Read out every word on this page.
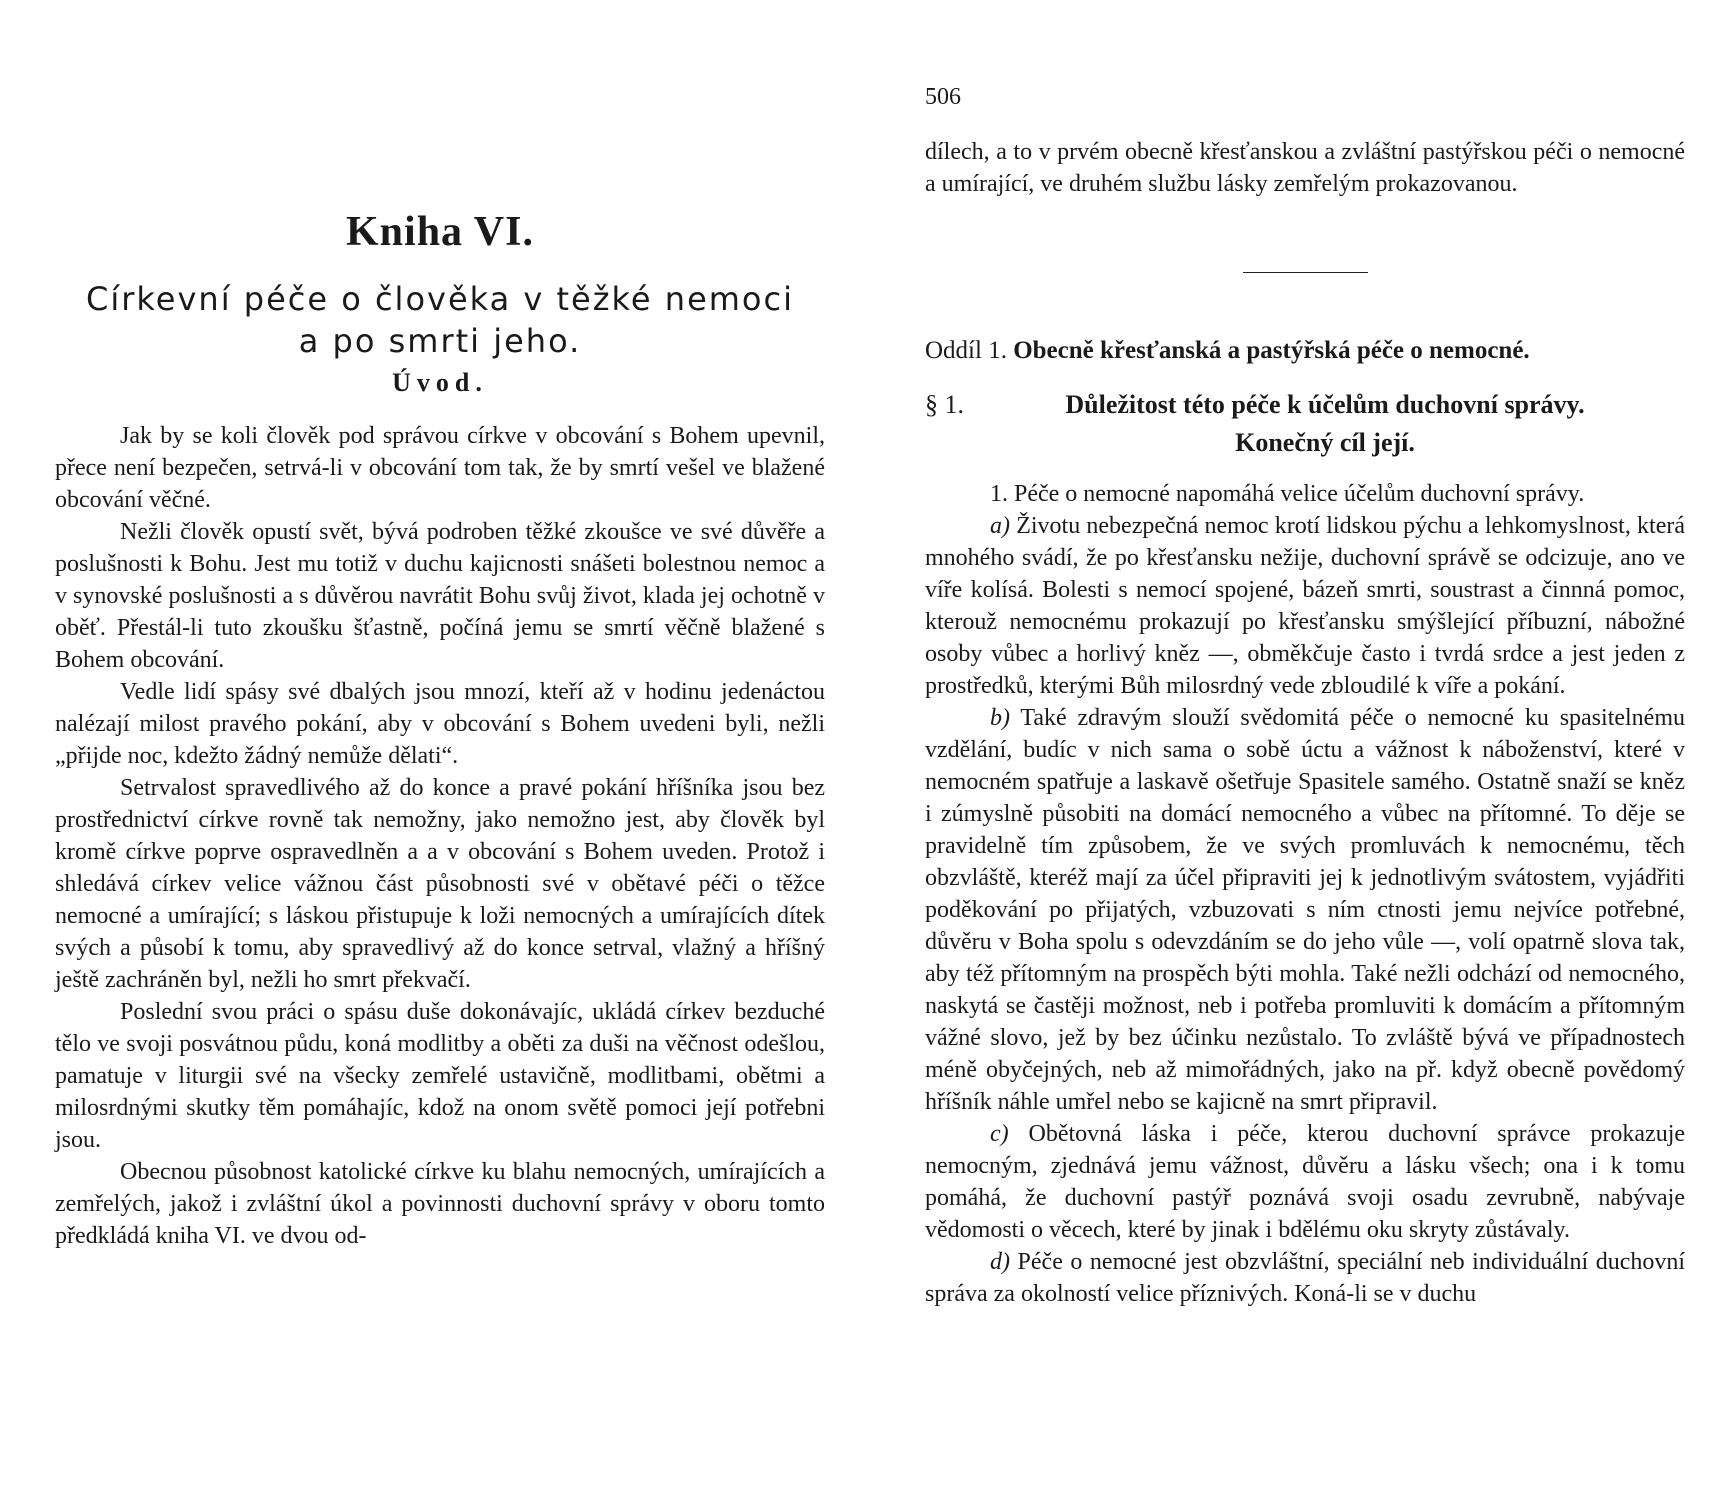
Kniha VI.
Církevní péče o člověka v těžké nemoci
a po smrti jeho.
Úvod.

Jak by se koli člověk pod správou církve v obcování s Bohem upevnil, přece není bezpečen, setrvá-li v obcování tom tak, že by smrtí vešel ve blažené obcování věčné.

Nežli člověk opustí svět, bývá podroben těžké zkoušce ve své důvěře a poslušnosti k Bohu. Jest mu totiž v duchu kajicnosti snášeti bolestnou nemoc a v synovské poslušnosti a s důvěrou navrátit Bohu svůj život, klada jej ochotně v oběť. Přestál-li tuto zkoušku šťastně, počíná jemu se smrtí věčně blažené s Bohem obcování.

Vedle lidí spásy své dbalých jsou mnozí, kteří až v hodinu jedenáctou nalézají milost pravého pokání, aby v obcování s Bohem uvedeni byli, nežli „přijde noc, kdežto žádný nemůže dělati“.

Setrvalost spravedlivého až do konce a pravé pokání hříšníka jsou bez prostřednictví církve rovně tak nemožny, jako nemožno jest, aby člověk byl kromě církve poprve ospravedlněn a a v obcování s Bohem uveden. Protož i shledává církev velice vážnou část působnosti své v obětavé péči o těžce nemocné a umírající; s láskou přistupuje k loži nemocných a umírajících dítek svých a působí k tomu, aby spravedlivý až do konce setrval, vlažný a hříšný ještě zachráněn byl, nežli ho smrt překvačí.

Poslední svou práci o spásu duše dokonávajíc, ukládá církev bezduché tělo ve svoji posvátnou půdu, koná modlitby a oběti za duši na věčnost odešlou, pamatuje v liturgii své na všecky zemřelé ustavičně, modlitbami, obětmi a milosrdnými skutky těm pomáhajíc, kdož na onom světě pomoci její potřebni jsou.

Obecnou působnost katolické církve ku blahu nemocných, umírajících a zemřelých, jakož i zvláštní úkol a povinnosti duchovní správy v oboru tomto předkládá kniha VI. ve dvou od-

506

dílech, a to v prvém obecně křesťanskou a zvláštní pastýřskou péči o nemocné a umírající, ve druhém službu lásky zemřelým prokazovanou.

Oddíl 1. Obecně křesťanská a pastýřská péče o nemocné.
§ 1.	Důležitost této péče k účelům duchovní správy.
Konečný cíl její.

1. Péče o nemocné napomáhá velice účelům duchovní správy.

a) Životu nebezpečná nemoc krotí lidskou pýchu a lehkomyslnost, která mnohého svádí, že po křesťansku nežije, duchovní správě se odcizuje, ano ve víře kolísá. Bolesti s nemocí spojené, bázeň smrti, soustrast a činnná pomoc, kterouž nemocnému prokazují po křesťansku smýšlející příbuzní, nábožné osoby vůbec a horlivý kněz —, obměkčuje často i tvrdá srdce a jest jeden z prostředků, kterými Bůh milosrdný vede zbloudilé k víře a pokání.

b) Také zdravým slouží svědomitá péče o nemocné ku spasitelnému vzdělání, budíc v nich sama o sobě úctu a vážnost k náboženství, které v nemocném spatřuje a laskavě ošetřuje Spasitele samého. Ostatně snaží se kněz i zúmyslně působiti na domácí nemocného a vůbec na přítomné. To děje se pravidelně tím způsobem, že ve svých promluvách k nemocnému, těch obzvláště, kteréž mají za účel připraviti jej k jednotlivým svátostem, vyjádřiti poděkování po přijatých, vzbuzovati s ním ctnosti jemu nejvíce potřebné, důvěru v Boha spolu s odevzdáním se do jeho vůle —, volí opatrně slova tak, aby též přítomným na prospěch býti mohla. Také nežli odchází od nemocného, naskytá se častěji možnost, neb i potřeba promluviti k domácím a přítomným vážné slovo, jež by bez účinku nezůstalo. To zvláště bývá ve případnostech méně obyčejných, neb až mimořádných, jako na př. když obecně povědomý hříšník náhle umřel nebo se kajicně na smrt připravil.

c) Obětovná láska i péče, kterou duchovní správce prokazuje nemocným, zjednává jemu vážnost, důvěru a lásku všech; ona i k tomu pomáhá, že duchovní pastýř poznává svoji osadu zevrubně, nabývaje vědomosti o věcech, které by jinak i bdělému oku skryty zůstávaly.

d) Péče o nemocné jest obzvláštní, speciální neb individuální duchovní správa za okolností velice příznivých. Koná-li se v duchu
